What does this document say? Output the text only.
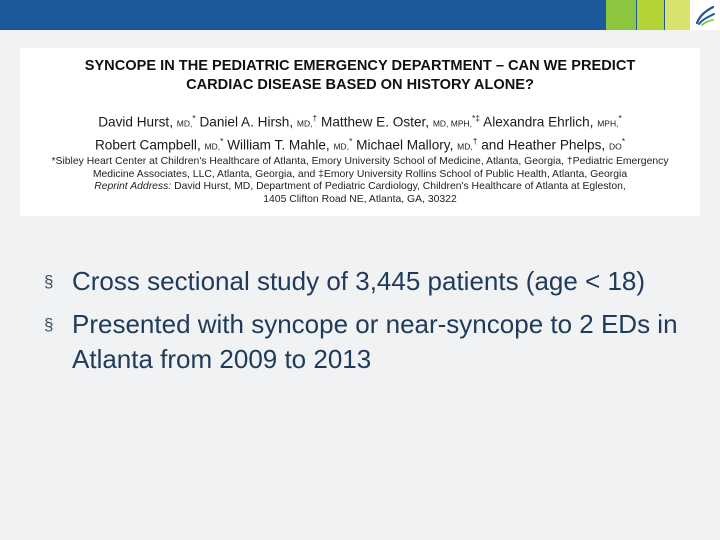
SYNCOPE IN THE PEDIATRIC EMERGENCY DEPARTMENT – CAN WE PREDICT
CARDIAC DISEASE BASED ON HISTORY ALONE?
David Hurst, MD,* Daniel A. Hirsh, MD,† Matthew E. Oster, MD, MPH,*‡ Alexandra Ehrlich, MPH,*
Robert Campbell, MD,* William T. Mahle, MD,* Michael Mallory, MD,† and Heather Phelps, DO*
*Sibley Heart Center at Children's Healthcare of Atlanta, Emory University School of Medicine, Atlanta, Georgia, †Pediatric Emergency
Medicine Associates, LLC, Atlanta, Georgia, and ‡Emory University Rollins School of Public Health, Atlanta, Georgia
Reprint Address: David Hurst, MD, Department of Pediatric Cardiology, Children's Healthcare of Atlanta at Egleston,
1405 Clifton Road NE, Atlanta, GA, 30322
§ Cross sectional study of 3,445 patients (age < 18)
§ Presented with syncope or near-syncope to 2 EDs in Atlanta from 2009 to 2013
